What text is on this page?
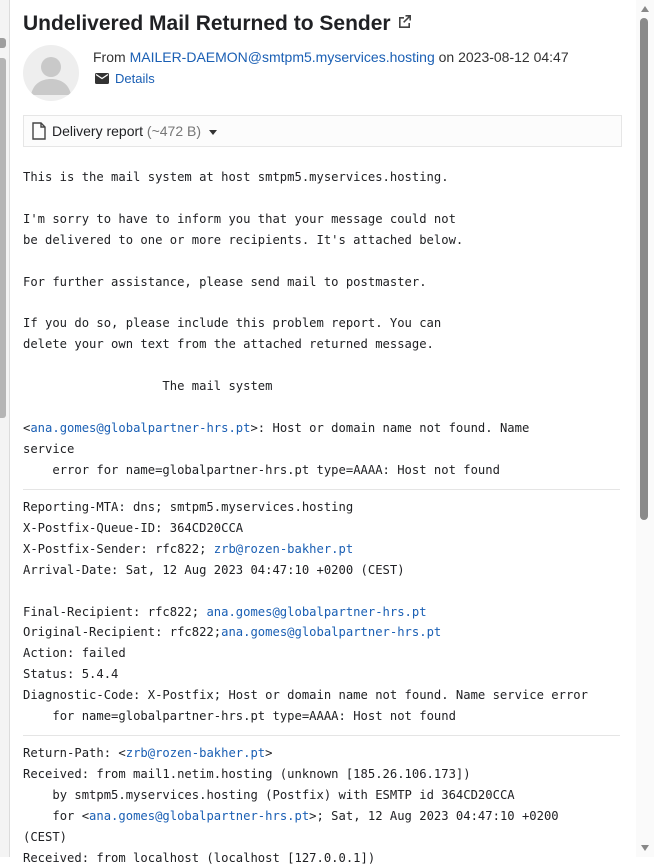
Undelivered Mail Returned to Sender
From MAILER-DAEMON@smtpm5.myservices.hosting on 2023-08-12 04:47
Details
Delivery report (~472 B)
This is the mail system at host smtpm5.myservices.hosting.

I'm sorry to have to inform you that your message could not
be delivered to one or more recipients. It's attached below.

For further assistance, please send mail to postmaster.

If you do so, please include this problem report. You can
delete your own text from the attached returned message.

The mail system

<ana.gomes@globalpartner-hrs.pt>: Host or domain name not found. Name
service
error for name=globalpartner-hrs.pt type=AAAA: Host not found
Reporting-MTA: dns; smtpm5.myservices.hosting
X-Postfix-Queue-ID: 364CD20CCA
X-Postfix-Sender: rfc822; zrb@rozen-bakher.pt
Arrival-Date: Sat, 12 Aug 2023 04:47:10 +0200 (CEST)

Final-Recipient: rfc822; ana.gomes@globalpartner-hrs.pt
Original-Recipient: rfc822;ana.gomes@globalpartner-hrs.pt
Action: failed
Status: 5.4.4
Diagnostic-Code: X-Postfix; Host or domain name not found. Name service error
for name=globalpartner-hrs.pt type=AAAA: Host not found
Return-Path: <zrb@rozen-bakher.pt>
Received: from mail1.netim.hosting (unknown [185.26.106.173])
by smtpm5.myservices.hosting (Postfix) with ESMTP id 364CD20CCA
for <ana.gomes@globalpartner-hrs.pt>; Sat, 12 Aug 2023 04:47:10 +0200
(CEST)
Received: from localhost (localhost [127.0.0.1])
